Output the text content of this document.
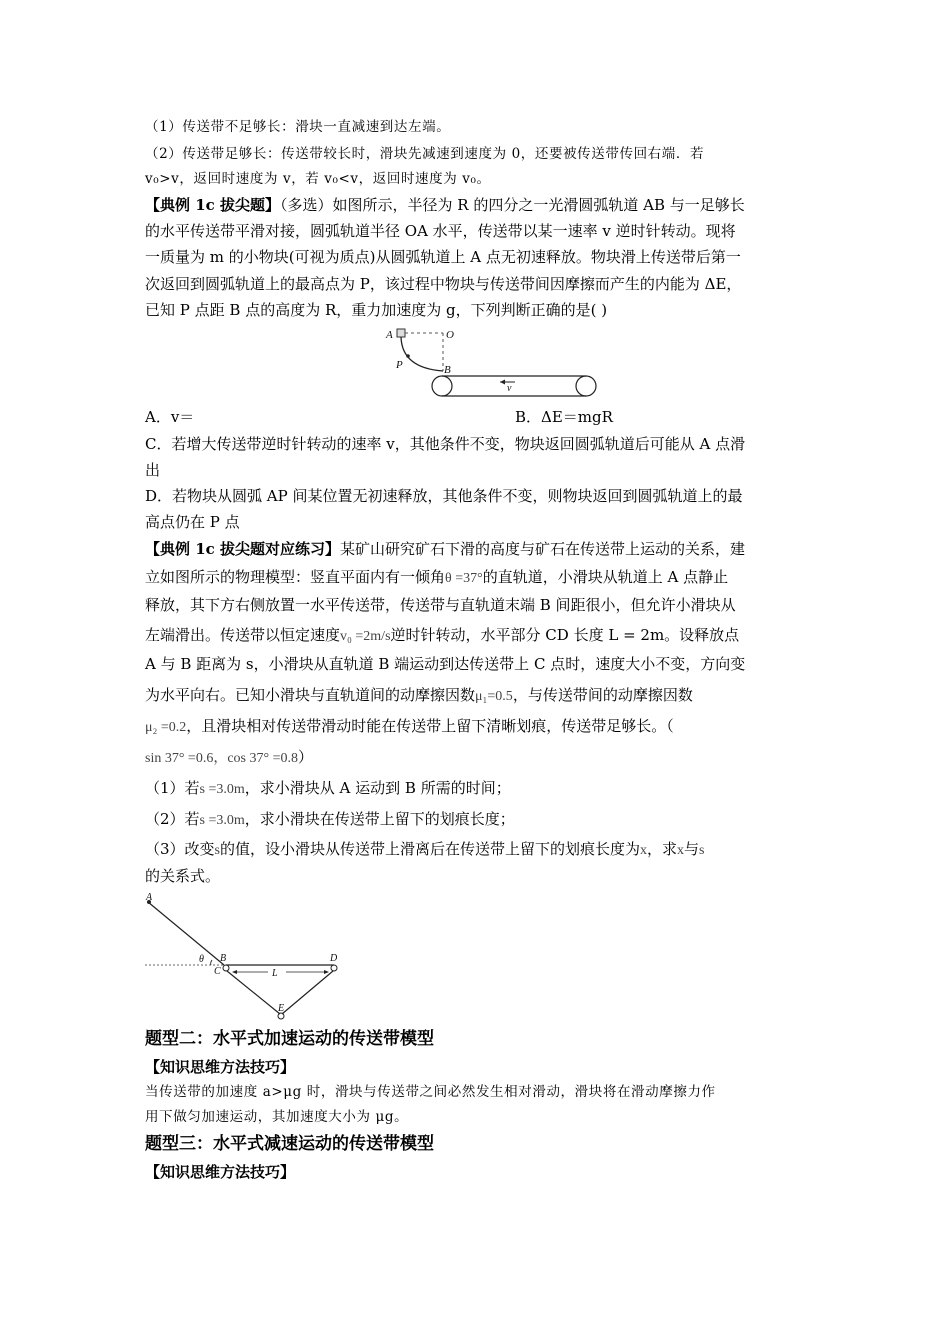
（1）传送带不足够长：滑块一直减速到达左端。
（2）传送带足够长：传送带较长时，滑块先减速到速度为 0，还要被传送带传回右端．若
v₀>v，返回时速度为 v，若 v₀<v，返回时速度为 v₀。
【典例 1c 拔尖题】（多选）如图所示，半径为 R 的四分之一光滑圆弧轨道 AB 与一足够长
的水平传送带平滑对接，圆弧轨道半径 OA 水平，传送带以某一速率 v 逆时针转动。现将
一质量为 m 的小物块(可视为质点)从圆弧轨道上 A 点无初速释放。物块滑上传送带后第一
次返回到圆弧轨道上的最高点为 P，该过程中物块与传送带间因摩擦而产生的内能为 ΔE，
已知 P 点距 B 点的高度为 R，重力加速度为 g，下列判断正确的是( )
A	O
P	B
v
A．v＝	B．ΔE＝mgR
C．若增大传送带逆时针转动的速率 v，其他条件不变，物块返回圆弧轨道后可能从 A 点滑
出
D．若物块从圆弧 AP 间某位置无初速释放，其他条件不变，则物块返回到圆弧轨道上的最
高点仍在 P 点
【典例 1c 拔尖题对应练习】某矿山研究矿石下滑的高度与矿石在传送带上运动的关系，建
立如图所示的物理模型：竖直平面内有一倾角θ =37°的直轨道，小滑块从轨道上 A 点静止
释放，其下方右侧放置一水平传送带，传送带与直轨道末端 B 间距很小，但允许小滑块从
左端滑出。传送带以恒定速度v₀ =2m/s逆时针转动，水平部分 CD 长度 L = 2m。设释放点
A 与 B 距离为 s，小滑块从直轨道 B 端运动到达传送带上 C 点时，速度大小不变，方向变
为水平向右。已知小滑块与直轨道间的动摩擦因数μ₁=0.5，与传送带间的动摩擦因数
μ₂ =0.2，且滑块相对传送带滑动时能在传送带上留下清晰划痕，传送带足够长。（
sin 37° =0.6，cos 37° =0.8）
（1）若s =3.0m，求小滑块从 A 运动到 B 所需的时间；
（2）若s =3.0m，求小滑块在传送带上留下的划痕长度；
（3）改变s的值，设小滑块从传送带上滑离后在传送带上留下的划痕长度为x，求x与s
的关系式。
A
θ B
C	L
D
E
题型二：水平式加速运动的传送带模型
【知识思维方法技巧】
当传送带的加速度 a>μg 时，滑块与传送带之间必然发生相对滑动，滑块将在滑动摩擦力作
用下做匀加速运动，其加速度大小为 μg。
题型三：水平式减速运动的传送带模型
【知识思维方法技巧】
